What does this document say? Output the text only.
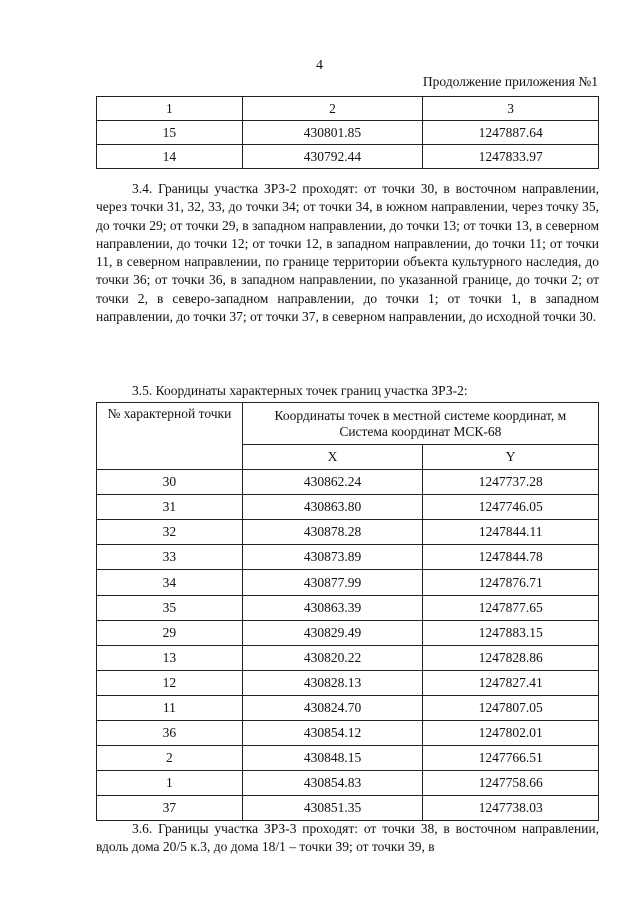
4
Продолжение приложения №1
1	2	3
15	430801.85	1247887.64
14	430792.44	1247833.97

3.4. Границы участка ЗРЗ-2 проходят: от точки 30, в восточном направлении, через точки 31, 32, 33, до точки 34; от точки 34, в южном направлении, через точку 35, до точки 29; от точки 29, в западном направлении, до точки 13; от точки 13, в северном направлении, до точки 12; от точки 12, в западном направлении, до точки 11; от точки 11, в северном направлении, по границе территории объекта культурного наследия, до точки 36; от точки 36, в западном направлении, по указанной границе, до точки 2; от точки 2, в северо-западном направлении, до точки 1; от точки 1, в западном направлении, до точки 37; от точки 37, в северном направлении, до исходной точки 30.

3.5. Координаты характерных точек границ участка ЗРЗ-2:

№ характерной точки	Координаты точек в местной системе координат, м
Система координат МСК-68	

	X	Y
30	430862.24	1247737.28
31	430863.80	1247746.05
32	430878.28	1247844.11
33	430873.89	1247844.78
34	430877.99	1247876.71
35	430863.39	1247877.65
29	430829.49	1247883.15
13	430820.22	1247828.86
12	430828.13	1247827.41
11	430824.70	1247807.05
36	430854.12	1247802.01
2	430848.15	1247766.51
1	430854.83	1247758.66
37	430851.35	1247738.03

3.6. Границы участка ЗРЗ-3 проходят: от точки 38, в восточном направлении, вдоль дома 20/5 к.3, до дома 18/1 – точки 39; от точки 39, в
